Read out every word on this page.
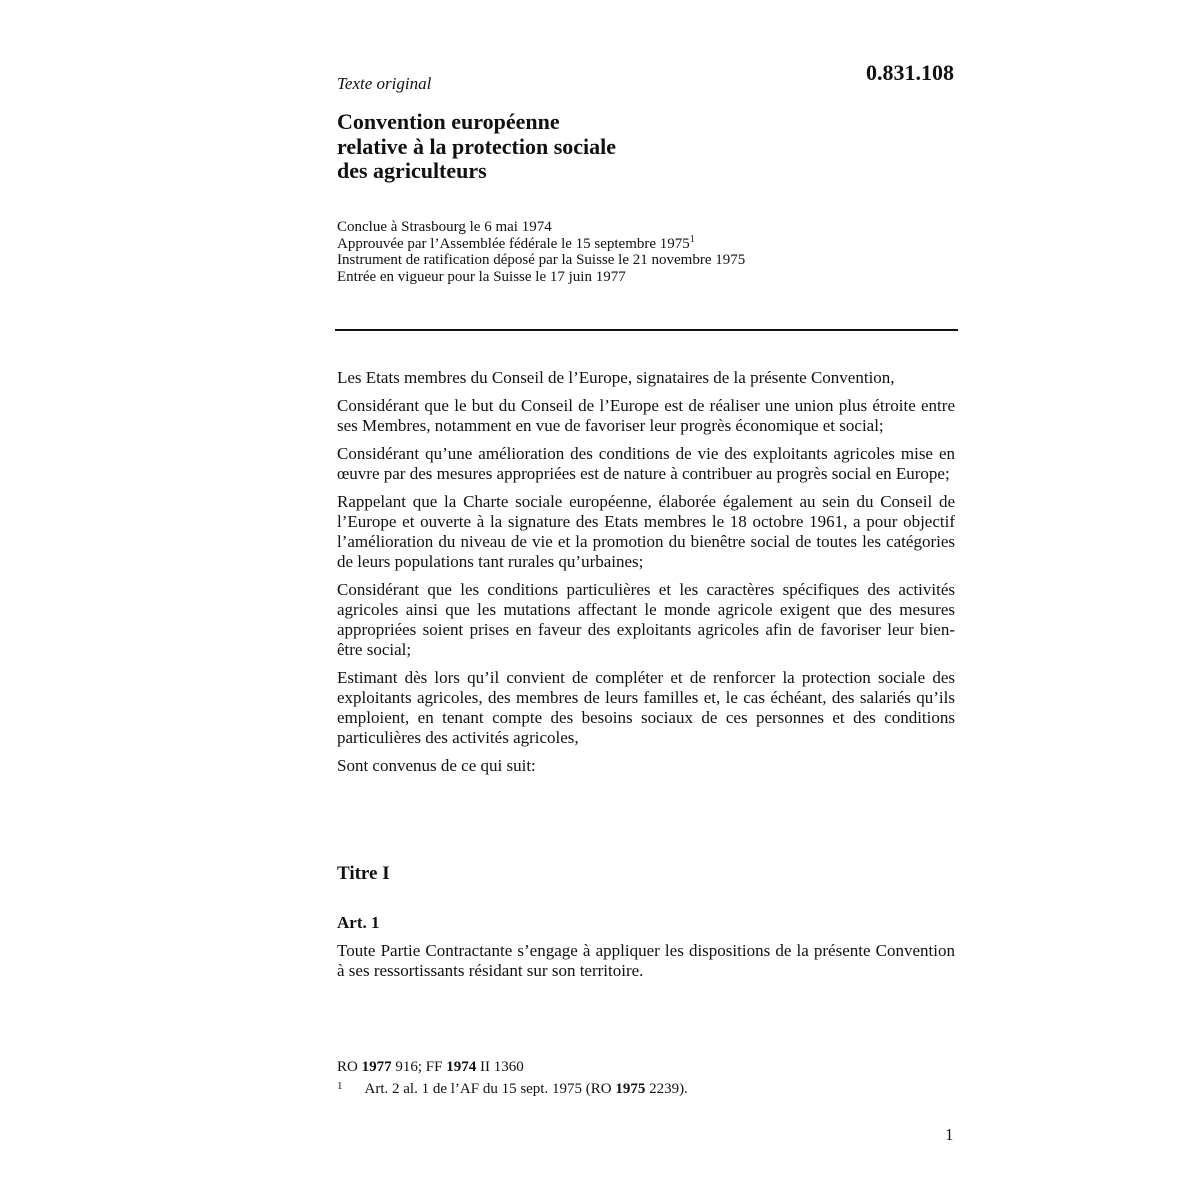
Texte original	0.831.108
Convention européenne
relative à la protection sociale
des agriculteurs
Conclue à Strasbourg le 6 mai 1974
Approuvée par l’Assemblée fédérale le 15 septembre 1975$^1$
Instrument de ratification déposé par la Suisse le 21 novembre 1975
Entrée en vigueur pour la Suisse le 17 juin 1977

Les Etats membres du Conseil de l’Europe, signataires de la présente Convention,

Considérant que le but du Conseil de l’Europe est de réaliser une union plus étroite entre ses Membres, notamment en vue de favoriser leur progrès économique et social;

Considérant qu’une amélioration des conditions de vie des exploitants agricoles mise en œuvre par des mesures appropriées est de nature à contribuer au progrès social en Europe;

Rappelant que la Charte sociale européenne, élaborée également au sein du Conseil de l’Europe et ouverte à la signature des Etats membres le 18 octobre 1961, a pour objectif l’amélioration du niveau de vie et la promotion du bienêtre social de toutes les catégories de leurs populations tant rurales qu’urbaines;

Considérant que les conditions particulières et les caractères spécifiques des activités agricoles ainsi que les mutations affectant le monde agricole exigent que des mesures appropriées soient prises en faveur des exploitants agricoles afin de favoriser leur bien-être social;

Estimant dès lors qu’il convient de compléter et de renforcer la protection sociale des exploitants agricoles, des membres de leurs familles et, le cas échéant, des salariés qu’ils emploient, en tenant compte des besoins sociaux de ces personnes et des conditions particulières des activités agricoles,

Sont convenus de ce qui suit:

Titre I
Art. 1
Toute Partie Contractante s’engage à appliquer les dispositions de la présente Convention à ses ressortissants résidant sur son territoire.
RO 1977 916; FF 1974 II 1360
$^1$ Art. 2 al. 1 de l’AF du 15 sept. 1975 (RO 1975 2239).
1
